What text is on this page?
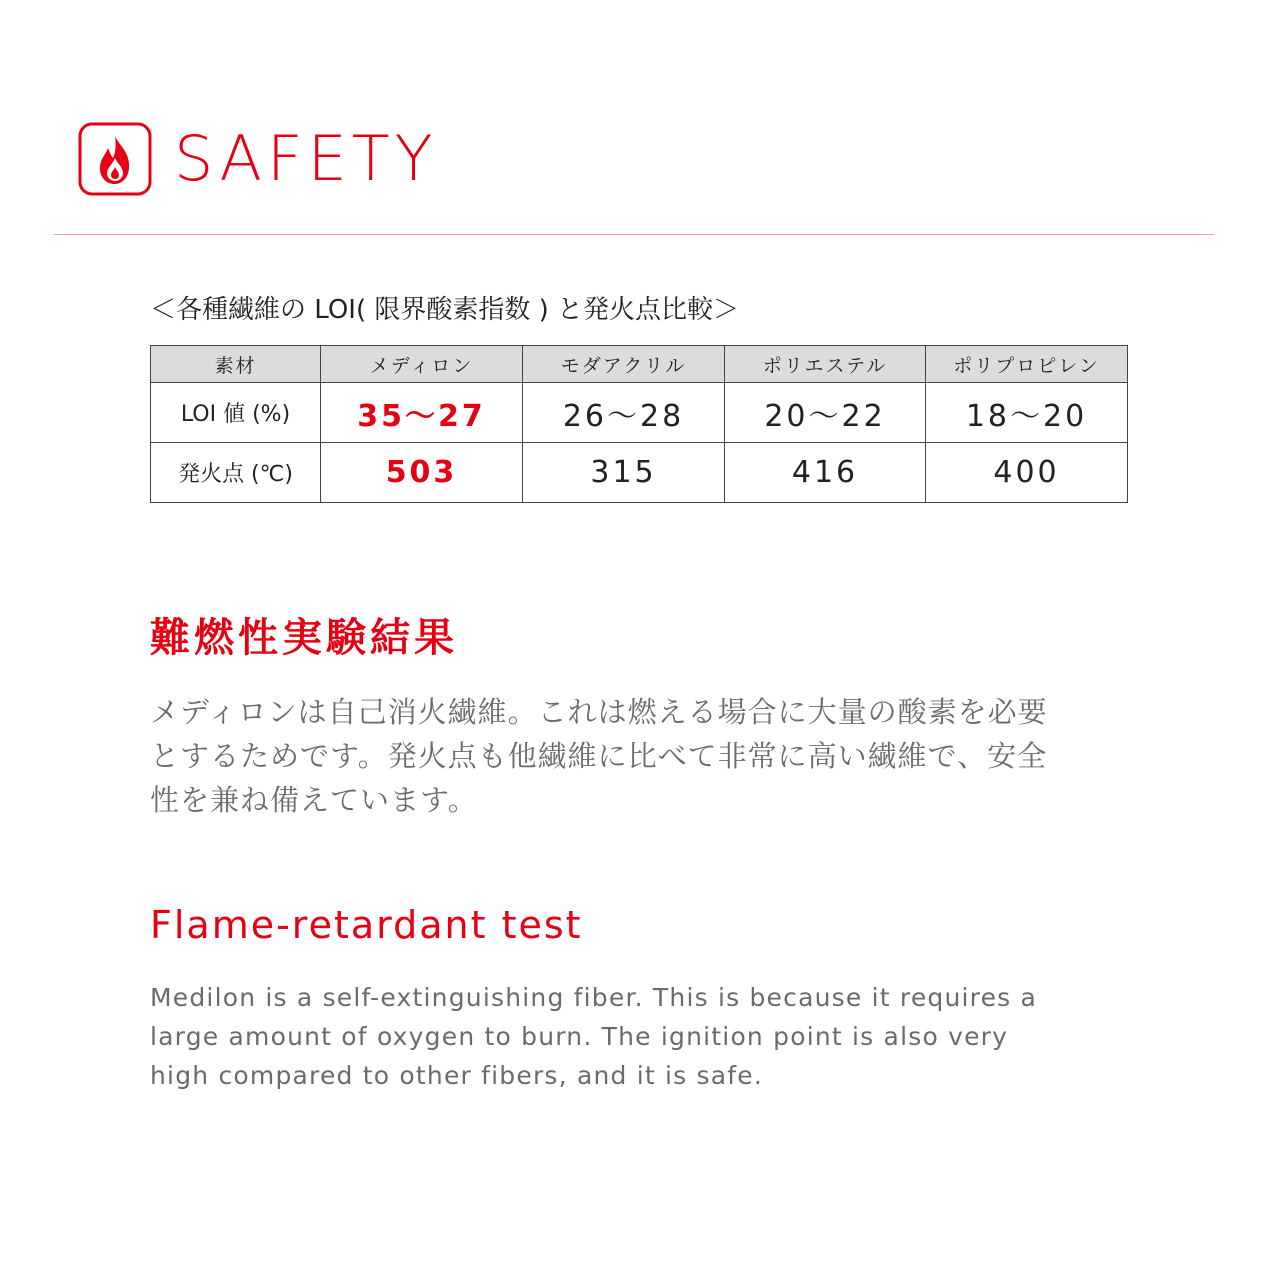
SAFETY
＜各種繊維の LOI( 限界酸素指数 ) と発火点比較＞
素材	メディロン	モダアクリル	ポリエステル	ポリプロピレン
LOI 値 (%)	35～27	26～28	20～22	18～20
発火点 (℃)	503	315	416	400
難燃性実験結果
メディロンは自己消火繊維。これは燃える場合に大量の酸素を必要
とするためです。発火点も他繊維に比べて非常に高い繊維で、安全
性を兼ね備えています。
Flame-retardant test
Medilon is a self-extinguishing fiber. This is because it requires a
large amount of oxygen to burn. The ignition point is also very
high compared to other fibers, and it is safe.
